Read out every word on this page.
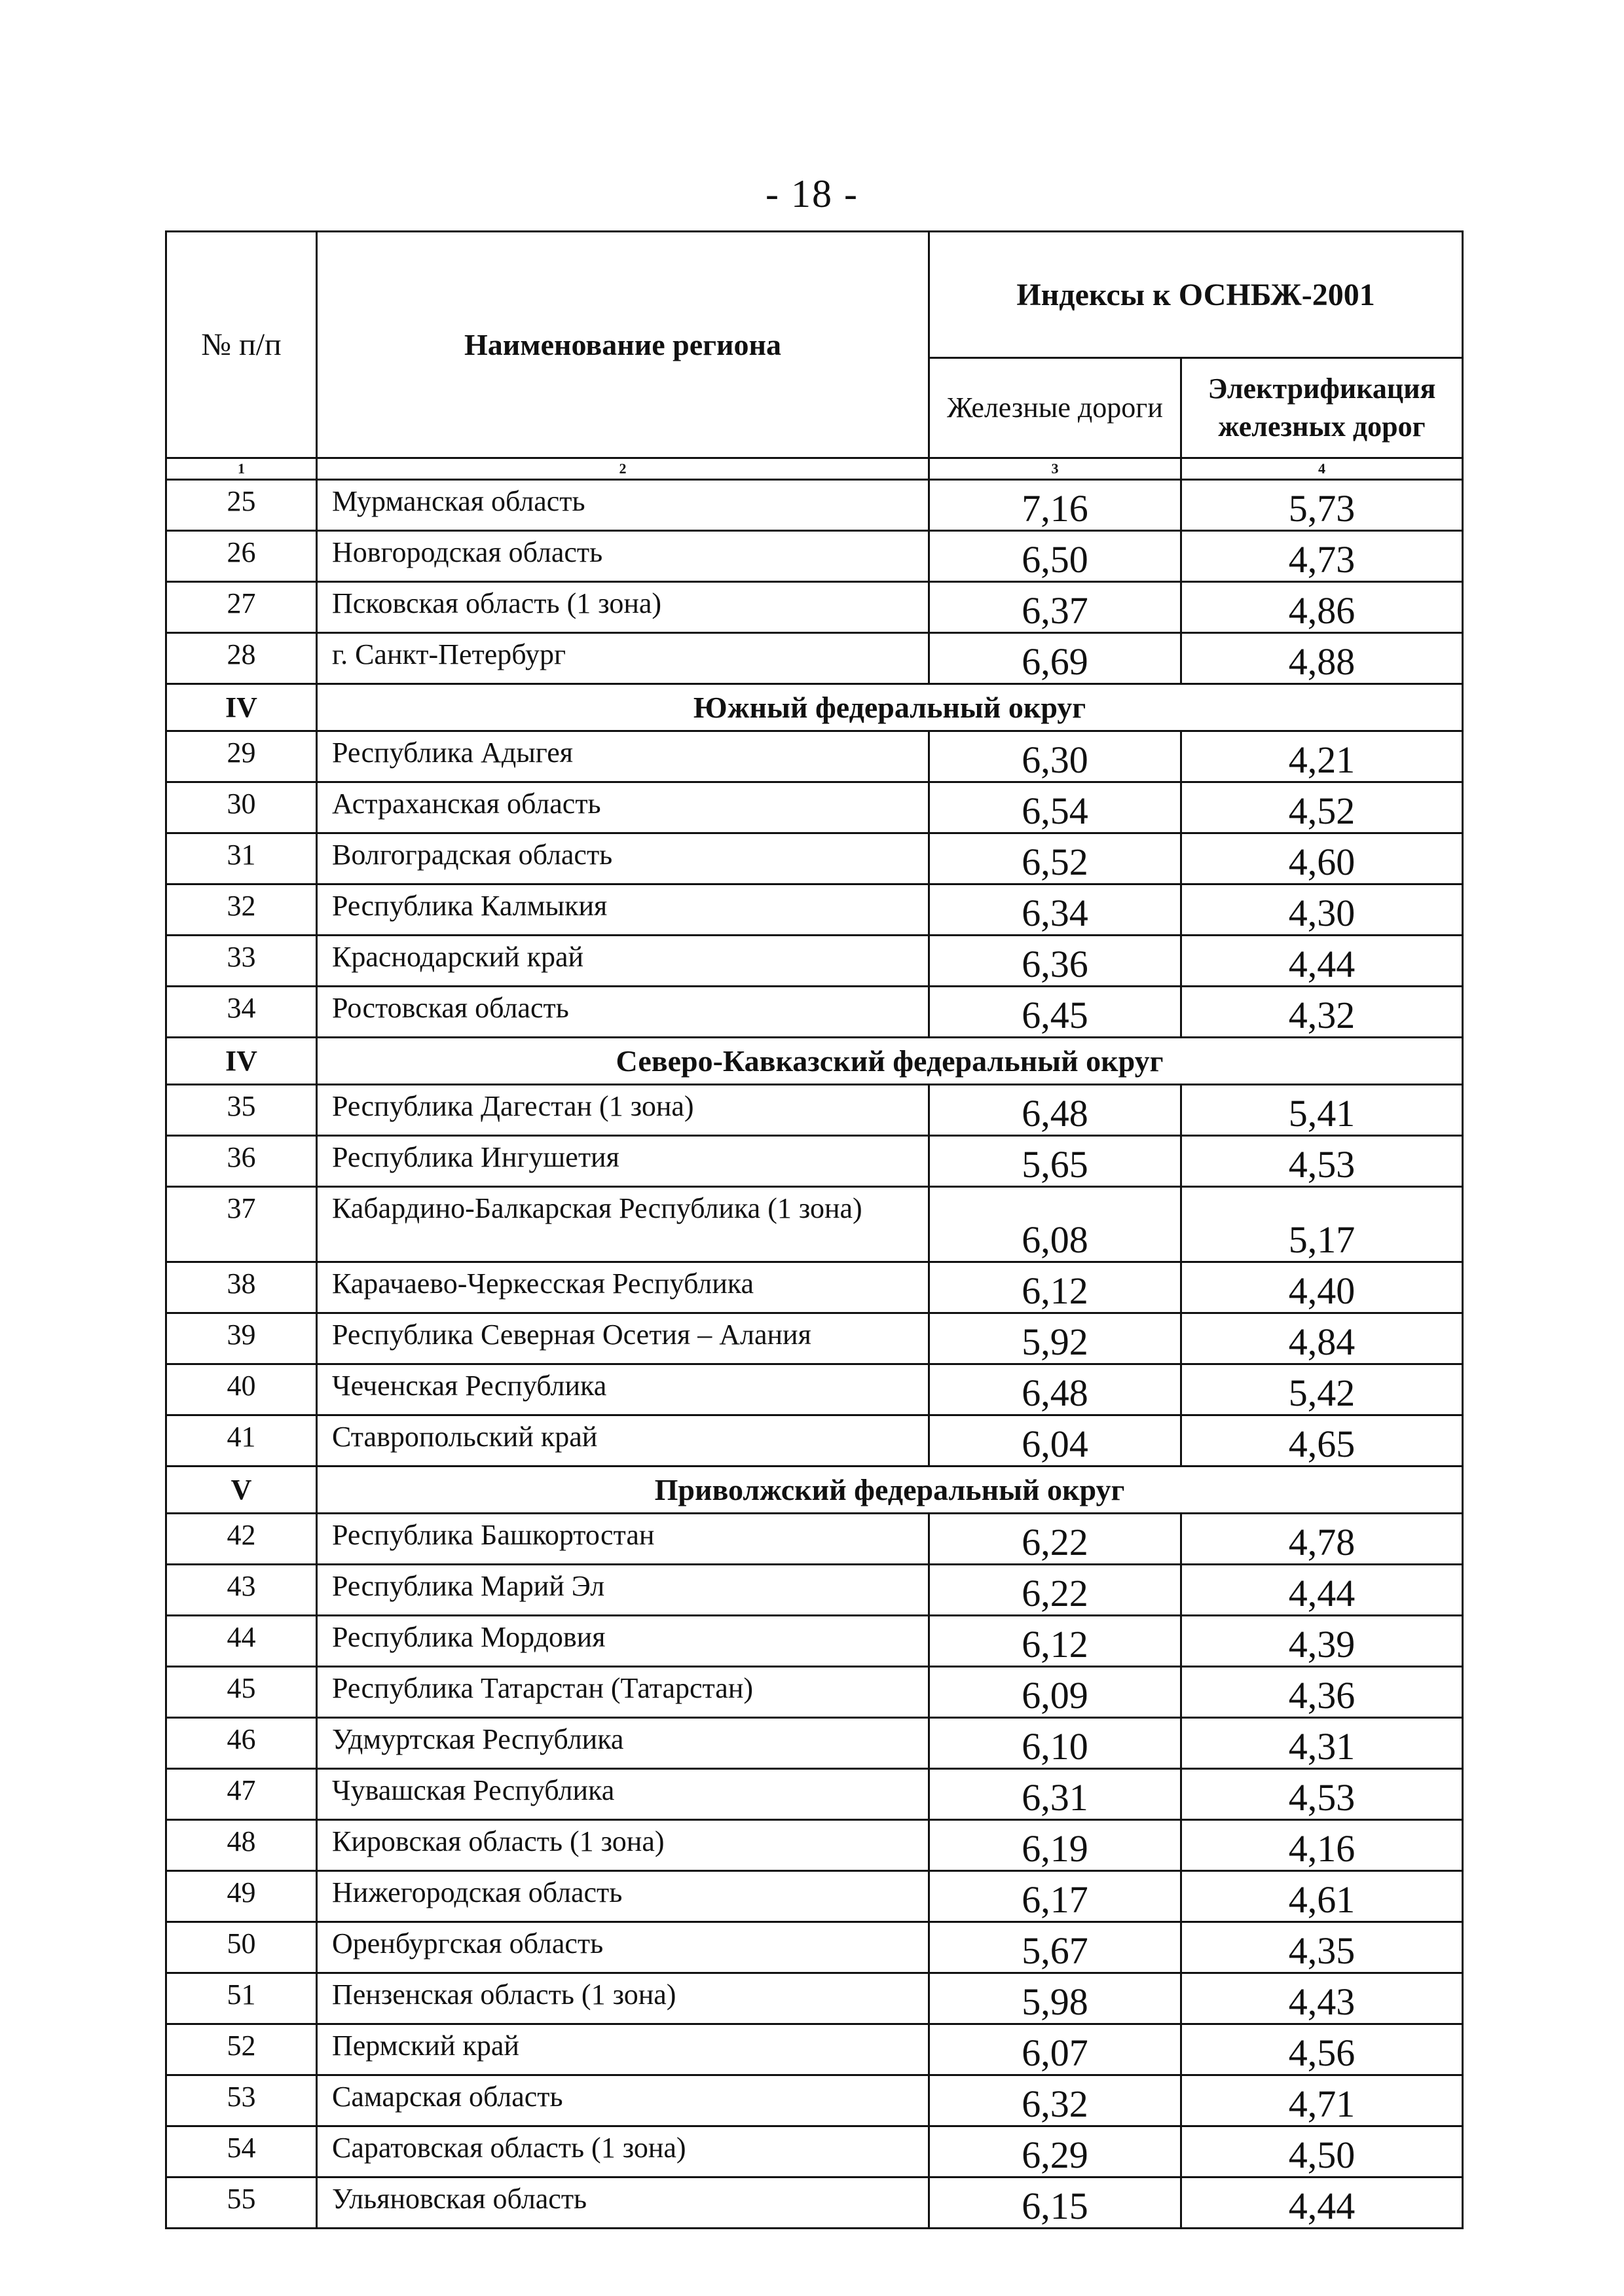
- 18 -
№ п/п	Наименование региона	Индексы к ОСНБЖ-2001	
		Железные дороги	Электрификация железных дорог
1	2	3	4
25	Мурманская область	7,16	5,73
26	Новгородская область	6,50	4,73
27	Псковская область (1 зона)	6,37	4,86
28	г. Санкт-Петербург	6,69	4,88
IV	Южный федеральный округ		
29	Республика Адыгея	6,30	4,21
30	Астраханская область	6,54	4,52
31	Волгоградская область	6,52	4,60
32	Республика Калмыкия	6,34	4,30
33	Краснодарский край	6,36	4,44
34	Ростовская область	6,45	4,32
IV	Северо-Кавказский федеральный округ		
35	Республика Дагестан (1 зона)	6,48	5,41
36	Республика Ингушетия	5,65	4,53
37	Кабардино-Балкарская Республика (1 зона)	6,08	5,17
38	Карачаево-Черкесская Республика	6,12	4,40
39	Республика Северная Осетия – Алания	5,92	4,84
40	Чеченская Республика	6,48	5,42
41	Ставропольский край	6,04	4,65
V	Приволжский федеральный округ		
42	Республика Башкортостан	6,22	4,78
43	Республика Марий Эл	6,22	4,44
44	Республика Мордовия	6,12	4,39
45	Республика Татарстан (Татарстан)	6,09	4,36
46	Удмуртская Республика	6,10	4,31
47	Чувашская Республика	6,31	4,53
48	Кировская область (1 зона)	6,19	4,16
49	Нижегородская область	6,17	4,61
50	Оренбургская область	5,67	4,35
51	Пензенская область (1 зона)	5,98	4,43
52	Пермский край	6,07	4,56
53	Самарская область	6,32	4,71
54	Саратовская область (1 зона)	6,29	4,50
55	Ульяновская область	6,15	4,44
